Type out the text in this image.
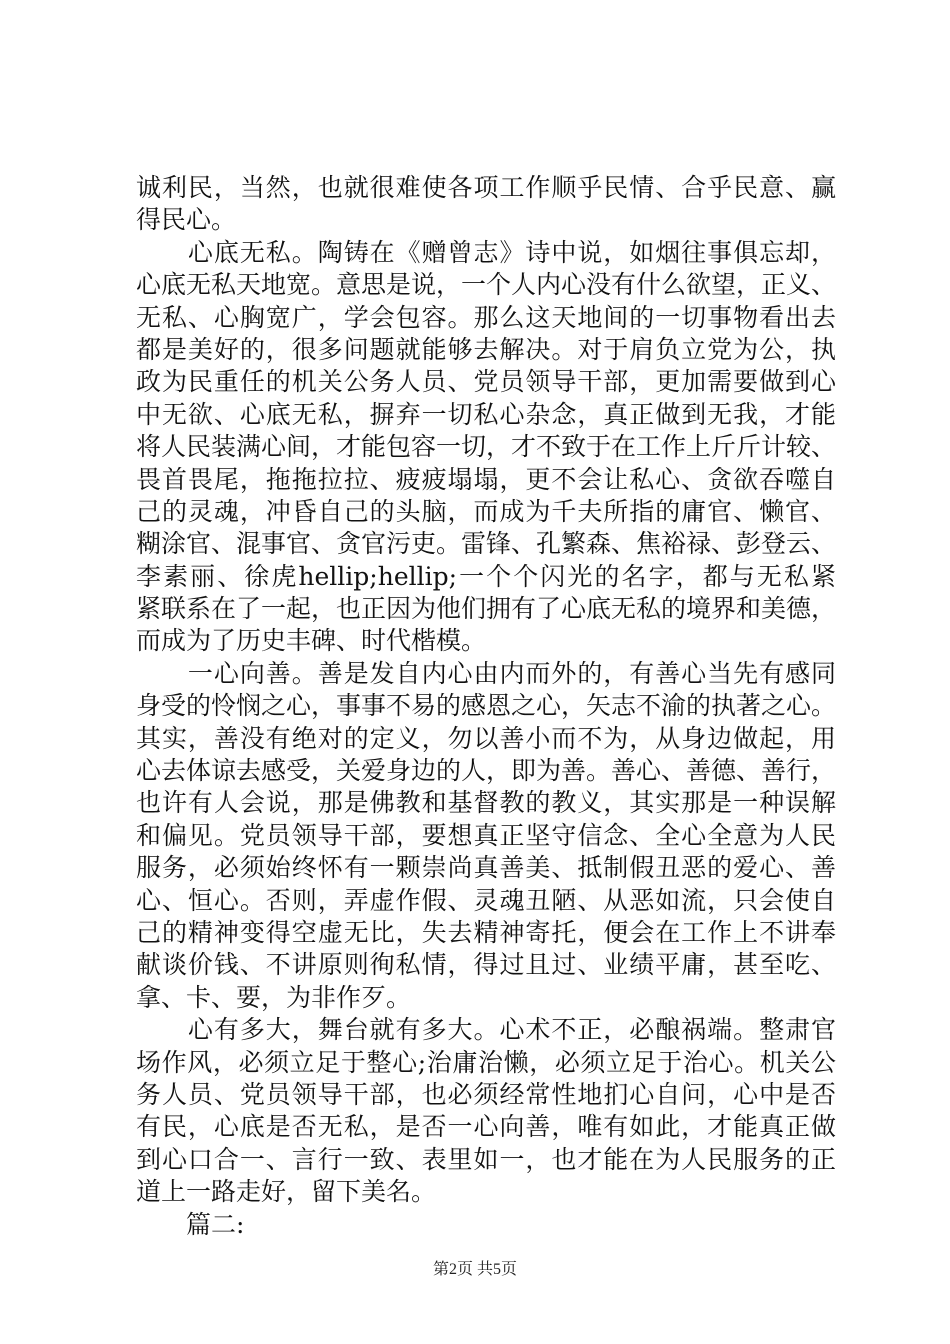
诚利民，当然，也就很难使各项工作顺乎民情、合乎民意、赢
得民心。
　　心底无私。陶铸在《赠曾志》诗中说，如烟往事俱忘却，
心底无私天地宽。意思是说，一个人内心没有什么欲望，正义、
无私、心胸宽广，学会包容。那么这天地间的一切事物看出去
都是美好的，很多问题就能够去解决。对于肩负立党为公，执
政为民重任的机关公务人员、党员领导干部，更加需要做到心
中无欲、心底无私，摒弃一切私心杂念，真正做到无我，才能
将人民装满心间，才能包容一切，才不致于在工作上斤斤计较、
畏首畏尾，拖拖拉拉、疲疲塌塌，更不会让私心、贪欲吞噬自
己的灵魂，冲昏自己的头脑，而成为千夫所指的庸官、懒官、
糊涂官、混事官、贪官污吏。雷锋、孔繁森、焦裕禄、彭登云、
李素丽、徐虎hellip;hellip;一个个闪光的名字，都与无私紧
紧联系在了一起，也正因为他们拥有了心底无私的境界和美德，
而成为了历史丰碑、时代楷模。
　　一心向善。善是发自内心由内而外的，有善心当先有感同
身受的怜悯之心，事事不易的感恩之心，矢志不渝的执著之心。
其实，善没有绝对的定义，勿以善小而不为，从身边做起，用
心去体谅去感受，关爱身边的人，即为善。善心、善德、善行，
也许有人会说，那是佛教和基督教的教义，其实那是一种误解
和偏见。党员领导干部，要想真正坚守信念、全心全意为人民
服务，必须始终怀有一颗崇尚真善美、抵制假丑恶的爱心、善
心、恒心。否则，弄虚作假、灵魂丑陋、从恶如流，只会使自
己的精神变得空虚无比，失去精神寄托，便会在工作上不讲奉
献谈价钱、不讲原则徇私情，得过且过、业绩平庸，甚至吃、
拿、卡、要，为非作歹。
　　心有多大，舞台就有多大。心术不正，必酿祸端。整肃官
场作风，必须立足于整心;治庸治懒，必须立足于治心。机关公
务人员、党员领导干部，也必须经常性地扪心自问，心中是否
有民，心底是否无私，是否一心向善，唯有如此，才能真正做
到心口合一、言行一致、表里如一，也才能在为人民服务的正
道上一路走好，留下美名。
　　篇二:
第2页 共5页
